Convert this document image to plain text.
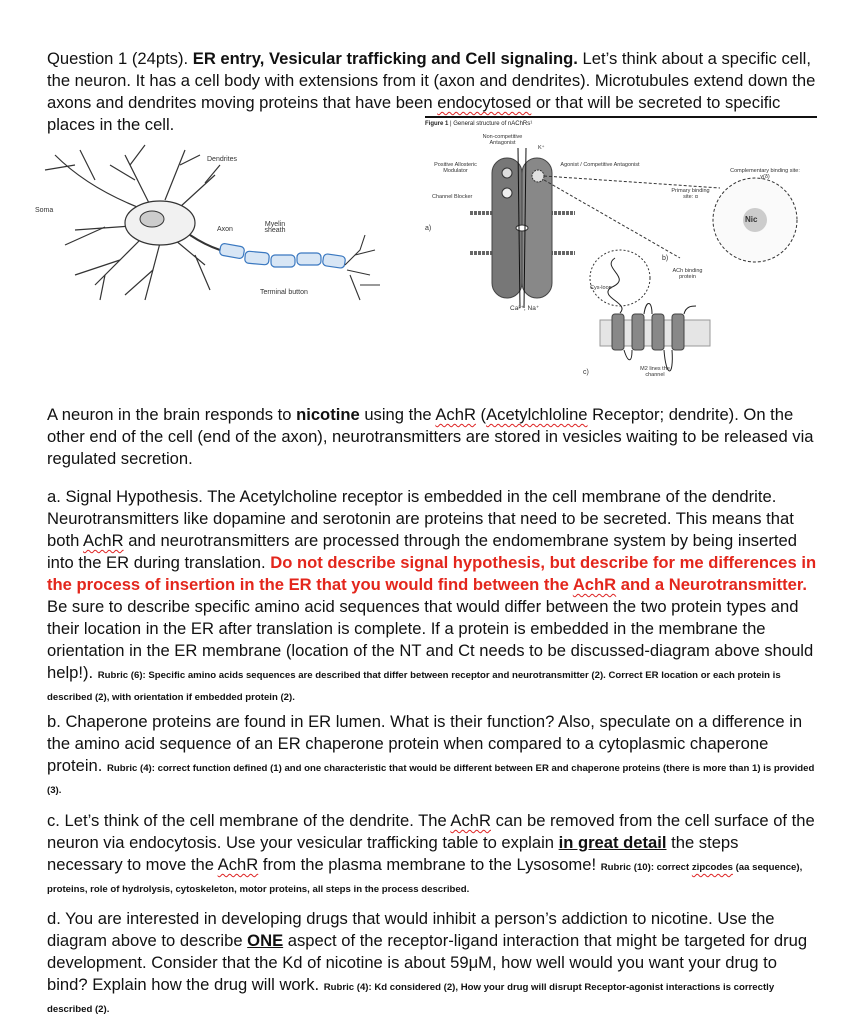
Question 1 (24pts). ER entry, Vesicular trafficking and Cell signaling. Let’s think about a specific cell, the neuron. It has a cell body with extensions from it (axon and dendrites). Microtubules extend down the axons and dendrites moving proteins that have been endocytosed or that will be secreted to specific places in the cell.

Dendrites
Soma
Axon
Myelin sheath
Terminal button
Figure 1 | General structure of nAChRs¹
Non-competitive Antagonist
K⁺
Positive Allosteric Modulator
Agonist / Competitive Antagonist
Channel Blocker
Complementary binding site: γ(δ)
Primary binding site: α
Nic
a)
b)
ACh binding protein
Cys-loop
Ca²⁺, Na⁺
M2 lines the channel
c)

A neuron in the brain responds to nicotine using the AchR (Acetylchloline Receptor; dendrite). On the other end of the cell (end of the axon), neurotransmitters are stored in vesicles waiting to be released via regulated secretion.

a. Signal Hypothesis. The Acetylcholine receptor is embedded in the cell membrane of the dendrite. Neurotransmitters like dopamine and serotonin are proteins that need to be secreted. This means that both AchR and neurotransmitters are processed through the endomembrane system by being inserted into the ER during translation. Do not describe signal hypothesis, but describe for me differences in the process of insertion in the ER that you would find between the AchR and a Neurotransmitter. Be sure to describe specific amino acid sequences that would differ between the two protein types and their location in the ER after translation is complete. If a protein is embedded in the membrane the orientation in the ER membrane (location of the NT and Ct needs to be discussed-diagram above should help!). Rubric (6): Specific amino acids sequences are described that differ between receptor and neurotransmitter (2). Correct ER location or each protein is described (2), with orientation if embedded protein (2).

b. Chaperone proteins are found in ER lumen. What is their function? Also, speculate on a difference in the amino acid sequence of an ER chaperone protein when compared to a cytoplasmic chaperone protein. Rubric (4): correct function defined (1) and one characteristic that would be different between ER and chaperone proteins (there is more than 1) is provided (3).

c. Let’s think of the cell membrane of the dendrite. The AchR can be removed from the cell surface of the neuron via endocytosis. Use your vesicular trafficking table to explain in great detail the steps necessary to move the AchR from the plasma membrane to the Lysosome! Rubric (10): correct zipcodes (aa sequence), proteins, role of hydrolysis, cytoskeleton, motor proteins, all steps in the process described.

d. You are interested in developing drugs that would inhibit a person’s addiction to nicotine. Use the diagram above to describe ONE aspect of the receptor-ligand interaction that might be targeted for drug development. Consider that the Kd of nicotine is about 59μM, how well would you want your drug to bind? Explain how the drug will work. Rubric (4): Kd considered (2), How your drug will disrupt Receptor-agonist interactions is correctly described (2).
